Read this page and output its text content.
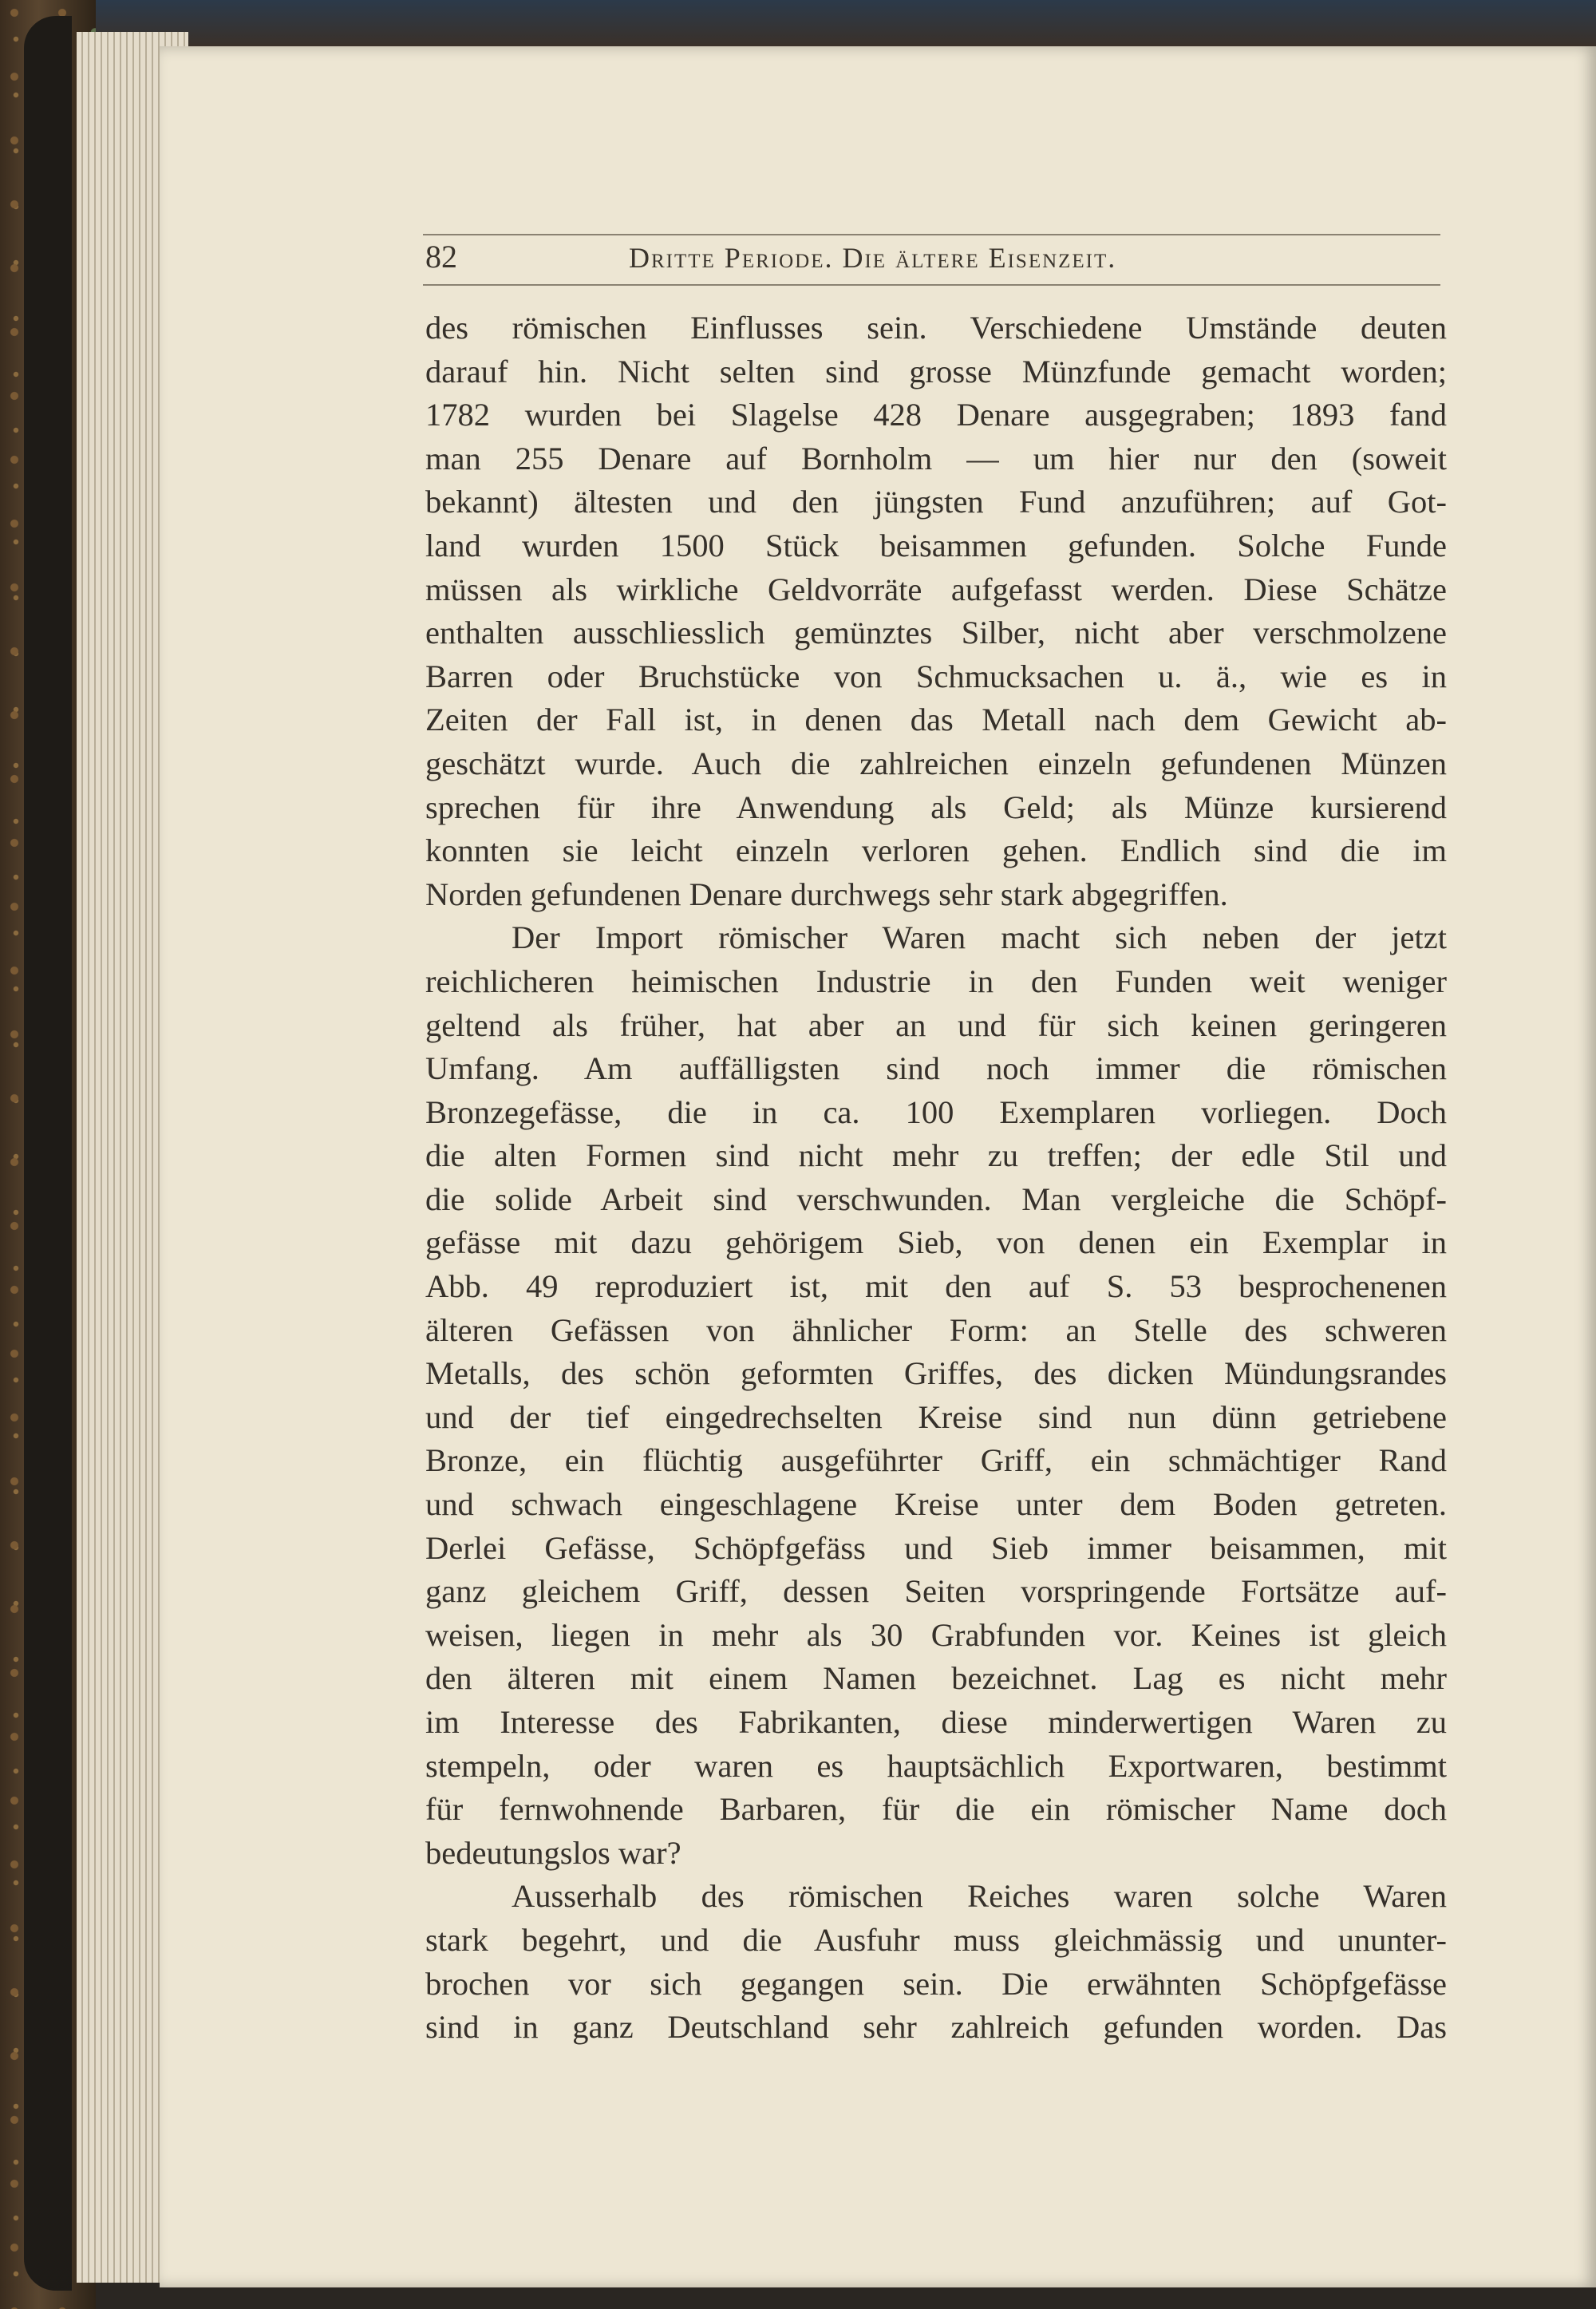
82	Dritte Periode. Die ältere Eisenzeit.
des römischen Einflusses sein. Verschiedene Umstände deuten
darauf hin. Nicht selten sind grosse Münzfunde gemacht worden;
1782 wurden bei Slagelse 428 Denare ausgegraben; 1893 fand
man 255 Denare auf Bornholm — um hier nur den (soweit
bekannt) ältesten und den jüngsten Fund anzuführen; auf Got-
land wurden 1500 Stück beisammen gefunden. Solche Funde
müssen als wirkliche Geldvorräte aufgefasst werden. Diese Schätze
enthalten ausschliesslich gemünztes Silber, nicht aber verschmolzene
Barren oder Bruchstücke von Schmucksachen u. ä., wie es in
Zeiten der Fall ist, in denen das Metall nach dem Gewicht ab-
geschätzt wurde. Auch die zahlreichen einzeln gefundenen Münzen
sprechen für ihre Anwendung als Geld; als Münze kursierend
konnten sie leicht einzeln verloren gehen. Endlich sind die im
Norden gefundenen Denare durchwegs sehr stark abgegriffen.
Der Import römischer Waren macht sich neben der jetzt
reichlicheren heimischen Industrie in den Funden weit weniger
geltend als früher, hat aber an und für sich keinen geringeren
Umfang. Am auffälligsten sind noch immer die römischen
Bronzegefässe, die in ca. 100 Exemplaren vorliegen. Doch
die alten Formen sind nicht mehr zu treffen; der edle Stil und
die solide Arbeit sind verschwunden. Man vergleiche die Schöpf-
gefässe mit dazu gehörigem Sieb, von denen ein Exemplar in
Abb. 49 reproduziert ist, mit den auf S. 53 besprochenenen
älteren Gefässen von ähnlicher Form: an Stelle des schweren
Metalls, des schön geformten Griffes, des dicken Mündungsrandes
und der tief eingedrechselten Kreise sind nun dünn getriebene
Bronze, ein flüchtig ausgeführter Griff, ein schmächtiger Rand
und schwach eingeschlagene Kreise unter dem Boden getreten.
Derlei Gefässe, Schöpfgefäss und Sieb immer beisammen, mit
ganz gleichem Griff, dessen Seiten vorspringende Fortsätze auf-
weisen, liegen in mehr als 30 Grabfunden vor. Keines ist gleich
den älteren mit einem Namen bezeichnet. Lag es nicht mehr
im Interesse des Fabrikanten, diese minderwertigen Waren zu
stempeln, oder waren es hauptsächlich Exportwaren, bestimmt
für fernwohnende Barbaren, für die ein römischer Name doch
bedeutungslos war?
Ausserhalb des römischen Reiches waren solche Waren
stark begehrt, und die Ausfuhr muss gleichmässig und ununter-
brochen vor sich gegangen sein. Die erwähnten Schöpfgefässe
sind in ganz Deutschland sehr zahlreich gefunden worden. Das
